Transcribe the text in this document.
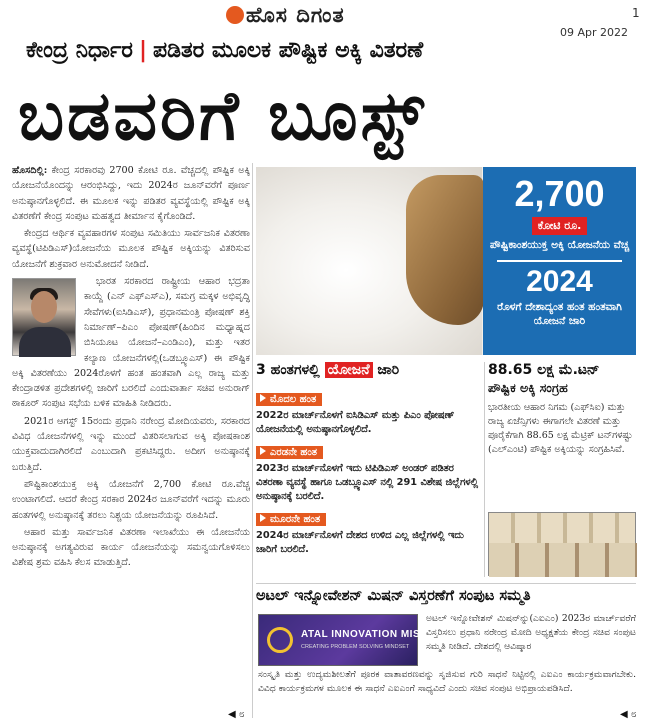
ಹೊಸ ದಿಗಂತ	1
09 Apr 2022
ಕೇಂದ್ರ ನಿರ್ಧಾರ | ಪಡಿತರ ಮೂಲಕ ಪೌಷ್ಟಿಕ ಅಕ್ಕಿ ವಿತರಣೆ
ಬಡವರಿಗೆ ಬೂಸ್ಟ್

ಹೊಸದಿಲ್ಲಿ: ಕೇಂದ್ರ ಸರಕಾರವು 2700 ಕೋಟಿ ರೂ. ವೆಚ್ಚದಲ್ಲಿ ಪೌಷ್ಟಿಕ ಅಕ್ಕಿ ಯೋಜನೆಯೊಂದನ್ನು ಆರಂಭಿಸಿದ್ದು, ಇದು 2024ರ ಜೂನ್‌ವರೆಗೆ ಪೂರ್ಣ ಅನುಷ್ಠಾನಗೊಳ್ಳಲಿದೆ. ಈ ಮೂಲಕ ಇನ್ನು ಪಡಿತರ ವ್ಯವಸ್ಥೆಯಲ್ಲಿ ಪೌಷ್ಟಿಕ ಅಕ್ಕಿ ವಿತರಣೆಗೆ ಕೇಂದ್ರ ಸಂಪುಟ ಮಹತ್ವದ ತೀರ್ಮಾನ ಕೈಗೊಂಡಿದೆ.

ಕೇಂದ್ರದ ಆರ್ಥಿಕ ವ್ಯವಹಾರಗಳ ಸಂಪುಟ ಸಮಿತಿಯು ಸಾರ್ವಜನಿಕ ವಿತರಣಾ ವ್ಯವಸ್ಥೆ(ಟಿಪಿಡಿಎಸ್)ಯೋಜನೆಯ ಮೂಲಕ ಪೌಷ್ಟಿಕ ಅಕ್ಕಿಯನ್ನು ವಿತರಿಸುವ ಯೋಜನೆಗೆ ಶುಕ್ರವಾರ ಅನುಮೋದನೆ ನೀಡಿದೆ.

ಭಾರತ ಸರಕಾರದ ರಾಷ್ಟ್ರೀಯ ಆಹಾರ ಭದ್ರತಾ ಕಾಯ್ದೆ (ಎನ್ ಎಫ್‌ಎಸ್‌ಎ), ಸಮಗ್ರ ಮಕ್ಕಳ ಅಭಿವೃದ್ಧಿ ಸೇವೆಗಳು(ಐಸಿಡಿಎಸ್), ಪ್ರಧಾನಮಂತ್ರಿ ಪೋಷಣ್ ಶಕ್ತಿ ನಿರ್ಮಾಣ್–ಪಿಎಂ ಪೋಷಣ್(ಹಿಂದಿನ ಮಧ್ಯಾಹ್ನದ ಬಿಸಿಯೂಟ ಯೋಜನೆ–ಎಂಡಿಎಂ), ಮತ್ತು ಇತರ ಕಲ್ಯಾಣ ಯೋಜನೆಗಳಲ್ಲಿ(ಒಡಬ್ಲ್ಯೂಎಸ್) ಈ ಪೌಷ್ಟಿಕ ಅಕ್ಕಿ ವಿತರಣೆಯು 2024ರೊಳಗೆ ಹಂತ ಹಂತವಾಗಿ ಎಲ್ಲ ರಾಜ್ಯ ಮತ್ತು ಕೇಂದ್ರಾಡಳಿತ ಪ್ರದೇಶಗಳಲ್ಲಿ ಜಾರಿಗೆ ಬರಲಿದೆ ಎಂದುವಾರ್ತಾ ಸಚಿವ ಅನುರಾಗ್ ಠಾಕೂರ್ ಸಂಪುಟ ಸಭೆಯ ಬಳಿಕ ಮಾಹಿತಿ ನೀಡಿದರು.

2021ರ ಆಗಸ್ಟ್ 15ರಂದು ಪ್ರಧಾನಿ ನರೇಂದ್ರ ಮೋದಿಯವರು, ಸರಕಾರದ ವಿವಿಧ ಯೋಜನೆಗಳಲ್ಲಿ ಇನ್ನು ಮುಂದೆ ವಿತರಿಸಲಾಗುವ ಅಕ್ಕಿ ಪೋಷಕಾಂಶ ಯುಕ್ತವಾದುದಾಗಿರಲಿದೆ ಎಂಬುದಾಗಿ ಪ್ರಕಟಿಸಿದ್ದರು. ಅದೀಗ ಅನುಷ್ಠಾನಕ್ಕೆ ಬರುತ್ತಿದೆ.

ಪೌಷ್ಟಿಕಾಂಶಯುಕ್ತ ಅಕ್ಕಿ ಯೋಜನೆಗೆ 2,700 ಕೋಟಿ ರೂ.ವೆಚ್ಚ ಉಂಟಾಗಲಿದೆ. ಆದರೆ ಕೇಂದ್ರ ಸರಕಾರ 2024ರ ಜೂನ್‌ವರೆಗೆ ಇದನ್ನು ಮೂರು ಹಂತಗಳಲ್ಲಿ ಅನುಷ್ಠಾನಕ್ಕೆ ತರಲು ನಿಶ್ಚಯ ಯೋಜನೆಯನ್ನು ರೂಪಿಸಿದೆ.

ಆಹಾರ ಮತ್ತು ಸಾರ್ವಜನಿಕ ವಿತರಣಾ ಇಲಾಖೆಯು ಈ ಯೋಜನೆಯ ಅನುಷ್ಠಾನಕ್ಕೆ ಅಗತ್ಯವಿರುವ ಕಾರ್ಯ ಯೋಜನೆಯನ್ನು ಸಮನ್ವಯಗೊಳಿಸಲು ವಿಶೇಷ ಶ್ರಮ ವಹಿಸಿ ಕೆಲಸ ಮಾಡುತ್ತಿದೆ.

2,700
ಕೋಟಿ ರೂ.
ಪೌಷ್ಟಿಕಾಂಶಯುಕ್ತ ಅಕ್ಕಿ ಯೋಜನೆಯ ವೆಚ್ಚ
2024
ರೊಳಗೆ ದೇಶಾದ್ಯಂತ ಹಂತ ಹಂತವಾಗಿ ಯೋಜನೆ ಜಾರಿ
3 ಹಂತಗಳಲ್ಲಿ ಯೋಜನೆ ಜಾರಿ
ಮೊದಲ ಹಂತ
2022ರ ಮಾರ್ಚ್‌ನೊಳಗೆ ಐಸಿಡಿಎಸ್ ಮತ್ತು ಪಿಎಂ ಪೋಷಣ್ ಯೋಜನೆಯಲ್ಲಿ ಅನುಷ್ಠಾನಗೊಳ್ಳಲಿದೆ.
ಎರಡನೇ ಹಂತ
2023ರ ಮಾರ್ಚ್‌ನೊಳಗೆ ಇದು ಟಿಪಿಡಿಎಸ್ ಅಂಡರ್ ಪಡಿತರ ವಿತರಣಾ ವ್ಯವಸ್ಥೆ ಹಾಗೂ ಒಡಬ್ಲ್ಯೂಎಸ್ ನಲ್ಲಿ 291 ವಿಶೇಷ ಜಿಲ್ಲೆಗಳಲ್ಲಿ ಅನುಷ್ಠಾನಕ್ಕೆ ಬರಲಿದೆ.
ಮೂರನೇ ಹಂತ
2024ರ ಮಾರ್ಚ್‌ನೊಳಗೆ ದೇಶದ ಉಳಿದ ಎಲ್ಲ ಜಿಲ್ಲೆಗಳಲ್ಲಿ ಇದು ಜಾರಿಗೆ ಬರಲಿದೆ.
88.65 ಲಕ್ಷ ಮೆ.ಟನ್
ಪೌಷ್ಟಿಕ ಅಕ್ಕಿ ಸಂಗ್ರಹ
ಭಾರತೀಯ ಆಹಾರ ನಿಗಮ (ಎಫ್‌ಸಿಐ) ಮತ್ತು ರಾಜ್ಯ ಏಜೆನ್ಸಿಗಳು ಈಗಾಗಲೇ ವಿತರಣೆ ಮತ್ತು ಪೂರೈಕೆಗಾಗಿ 88.65 ಲಕ್ಷ ಮೆಟ್ರಿಕ್ ಟನ್‌ಗಳಷ್ಟು (ಎಲ್‌ಎಂಟಿ) ಪೌಷ್ಟಿಕ ಅಕ್ಕಿಯನ್ನು ಸಂಗ್ರಹಿಸಿವೆ.
ಅಟಲ್ ಇನ್ನೋವೇಶನ್ ಮಿಷನ್ ವಿಸ್ತರಣೆಗೆ ಸಂಪುಟ ಸಮ್ಮತಿ
ATAL INNOVATION MISSION
CREATING PROBLEM SOLVING MINDSET
ಅಟಲ್ ಇನ್ನೋವೇಶನ್ ಮಿಷನ್‌ನ್ನು(ಎಐಎಂ) 2023ರ ಮಾರ್ಚ್‌ವರೆಗೆ ವಿಸ್ತರಿಸಲು ಪ್ರಧಾನಿ ನರೇಂದ್ರ ಮೋದಿ ಅಧ್ಯಕ್ಷತೆಯ ಕೇಂದ್ರ ಸಚಿವ ಸಂಪುಟ ಸಮ್ಮತಿ ನೀಡಿದೆ. ದೇಶದಲ್ಲಿ ಆವಿಷ್ಕಾರ
ಸಂಸ್ಕೃತಿ ಮತ್ತು ಉದ್ಯಮಶೀಲತೆಗೆ ಪೂರಕ ವಾತಾವರಣವನ್ನು ಸೃಜಿಸುವ ಗುರಿ ಸಾಧನೆ ನಿಟ್ಟಿನಲ್ಲಿ ಎಐಎಂ ಕಾರ್ಯಕ್ರಮವಾಗಬೇಕು. ವಿವಿಧ ಕಾರ್ಯಕ್ರಮಗಳ ಮೂಲಕ ಈ ಸಾಧನೆ ಎಐಎಂಗೆ ಸಾಧ್ಯವಿದೆ ಎಂದು ಸಚಿವ ಸಂಪುಟ ಅಭಿಪ್ರಾಯಪಡಿಸಿದೆ.
◀ ೮	◀ ೮
